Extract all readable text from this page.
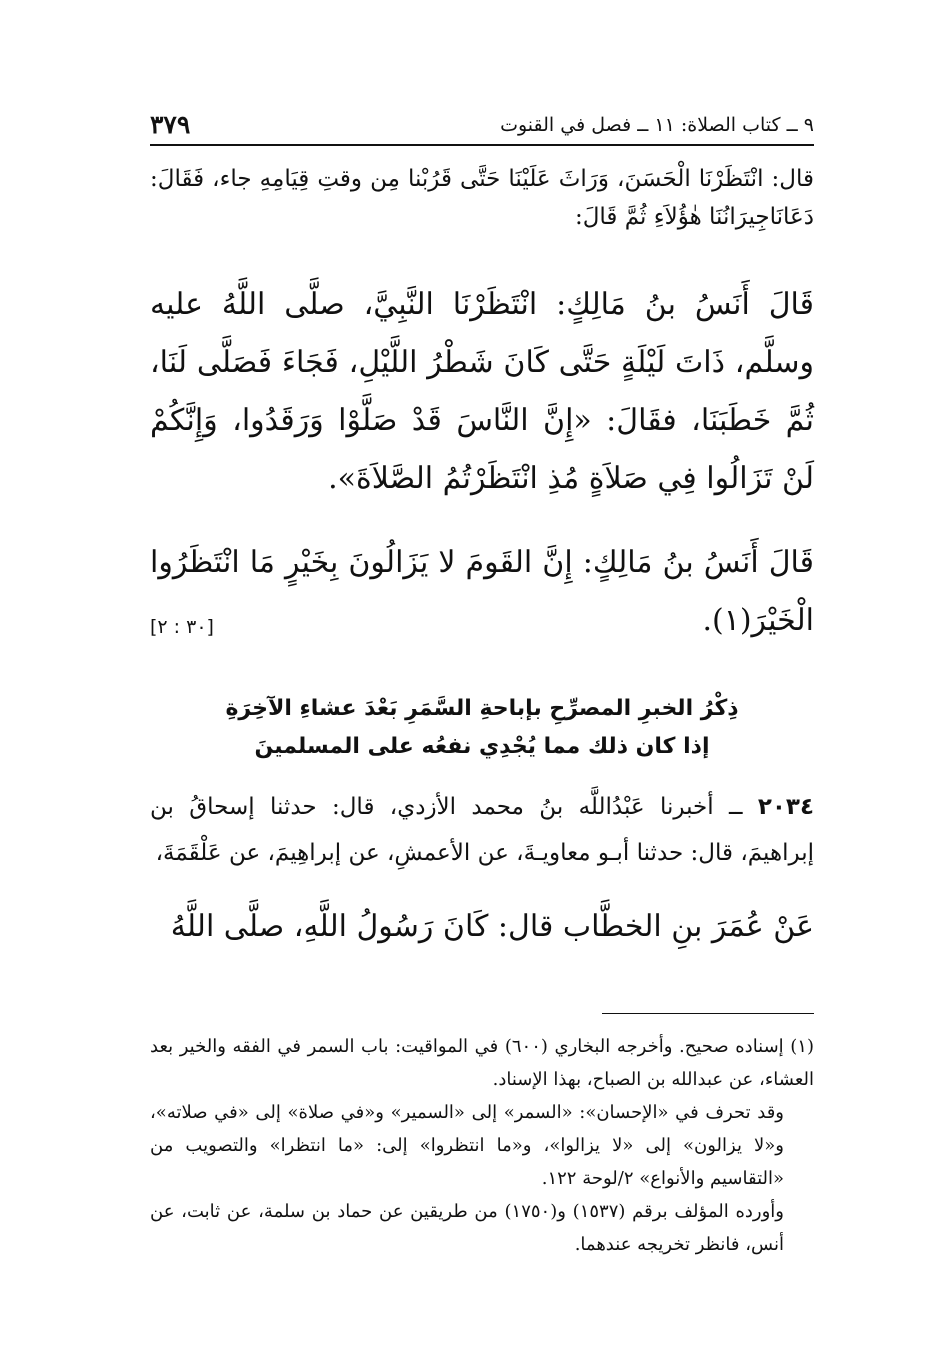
٩ ــ كتاب الصلاة: ١١ ــ فصل في القنوت
٣٧٩

قال: انْتَظَرْنَا الْحَسَنَ، وَرَاثَ عَلَيْنَا حَتَّى قَرُبْنا مِن وقتِ قِيَامِهِ جاء، فَقَالَ: دَعَانَاجِيرَانُنَا هٰؤُلاَءِ ثُمَّ قَالَ:

قَالَ أَنَسُ بنُ مَالِكٍ: انْتَظَرْنَا النَّبِيَّ، صلَّى اللَّهُ عليه وسلَّم، ذَاتَ لَيْلَةٍ حَتَّى كَانَ شَطْرُ اللَّيْلِ، فَجَاءَ فَصَلَّى لَنَا، ثُمَّ خَطَبَنَا، فقَالَ: «إِنَّ النَّاسَ قَدْ صَلَّوْا وَرَقَدُوا، وَإِنَّكُمْ لَنْ تَزَالُوا فِي صَلاَةٍ مُذِ انْتَظَرْتُمُ الصَّلاَةَ».

قَالَ أَنَسُ بنُ مَالِكٍ: إِنَّ القَومَ لا يَزَالُونَ بِخَيْرٍ مَا انْتَظَرُوا الْخَيْرَ(١).
[٣٠ : ٢]

ذِكْرُ الخبرِ المصرِّحِ بإباحةِ السَّمَرِ بَعْدَ عشاءِ الآخِرَةِ
إذا كان ذلك مما يُجْدِي نفعُه على المسلمينَ

٢٠٣٤ ــ أخبرنا عَبْدُاللَّه بنُ محمد الأزدي، قال: حدثنا إسحاقُ بن إبراهيمَ، قال: حدثنا أبـو معاويـةَ، عن الأعمشِ، عن إبراهِيمَ، عن عَلْقَمَةَ،

عَنْ عُمَرَ بنِ الخطَّاب قال: كَانَ رَسُولُ اللَّهِ، صلَّى اللَّهُ

(١) إسناده صحيح. وأخرجه البخاري (٦٠٠) في المواقيت: باب السمر في الفقه والخير بعد العشاء، عن عبدالله بن الصباح، بهذا الإسناد.

وقد تحرف في «الإحسان»: «السمر» إلى «السمير» و«في صلاة» إلى «في صلاته»، و«لا يزالون» إلى «لا يزالوا»، و«ما انتظروا» إلى: «ما انتظرا» والتصويب من «التقاسيم والأنواع» ٢/لوحة ١٢٢.

وأورده المؤلف برقم (١٥٣٧) و(١٧٥٠) من طريقين عن حماد بن سلمة، عن ثابت، عن أنس، فانظر تخريجه عندهما.
